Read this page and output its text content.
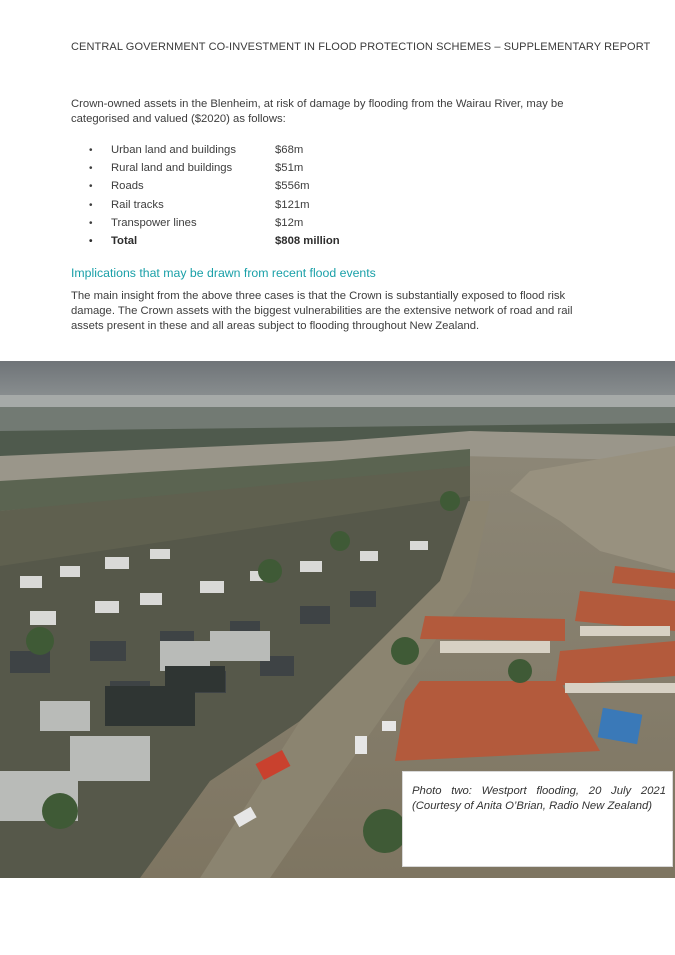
CENTRAL GOVERNMENT CO-INVESTMENT IN FLOOD PROTECTION SCHEMES – SUPPLEMENTARY REPORT

Crown-owned assets in the Blenheim, at risk of damage by flooding from the Wairau River, may be categorised and valued ($2020) as follows:

•	Urban land and buildings	$68m
•	Rural land and buildings	$51m
•	Roads	$556m
•	Rail tracks	$121m
•	Transpower lines	$12m
•	Total	$808 million
Implications that may be drawn from recent flood events

The main insight from the above three cases is that the Crown is substantially exposed to flood risk damage. The Crown assets with the biggest vulnerabilities are the extensive network of road and rail assets present in these and all areas subject to flooding throughout New Zealand.

Photo two: Westport flooding, 20 July 2021
(Courtesy of Anita O’Brian, Radio New Zealand)
